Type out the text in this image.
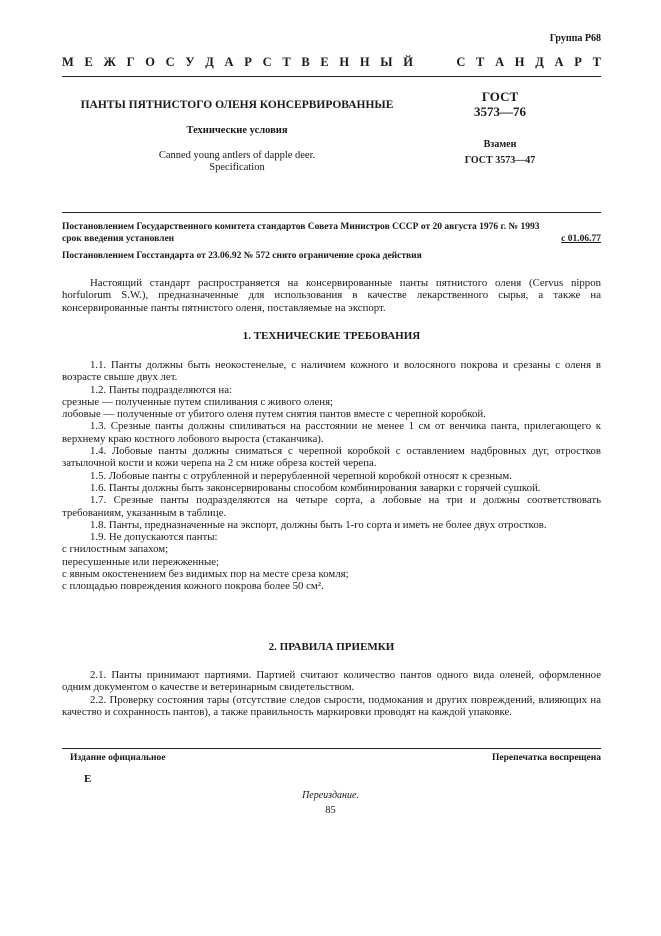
Группа Р68
М Е Ж Г О С У Д А Р С Т В Е Н Н Ы Й	С Т А Н Д А Р Т
ПАНТЫ ПЯТНИСТОГО ОЛЕНЯ КОНСЕРВИРОВАННЫЕ
Технические условия
Canned young antlers of dapple deer.
Specification
ГОСТ
3573—76
Взамен
ГОСТ 3573—47
Постановлением Государственного комитета стандартов Совета Министров СССР от 20 августа 1976 г. № 1993
срок введения установлен	с 01.06.77
Постановлением Госстандарта от 23.06.92 № 572 снято ограничение срока действия

Настоящий стандарт распространяется на консервированные панты пятнистого оленя (Cervus nippon horfulorum S.W.), предназначенные для использования в качестве лекарственного сырья, а также на консервированные панты пятнистого оленя, поставляемые на экспорт.

1. ТЕХНИЧЕСКИЕ ТРЕБОВАНИЯ

1.1. Панты должны быть неокостенелые, с наличием кожного и волосяного покрова и срезаны с оленя в возрасте свыше двух лет.

1.2. Панты подразделяются на:

срезные — полученные путем спиливания с живого оленя;

лобовые — полученные от убитого оленя путем снятия пантов вместе с черепной коробкой.

1.3. Срезные панты должны спиливаться на расстоянии не менее 1 см от венчика панта, прилегающего к верхнему краю костного лобового выроста (стаканчика).

1.4. Лобовые панты должны сниматься с черепной коробкой с оставлением надбровных дуг, отростков затылочной кости и кожи черепа на 2 см ниже обреза костей черепа.

1.5. Лобовые панты с отрубленной и перерубленной черепной коробкой относят к срезным.

1.6. Панты должны быть законсервированы способом комбинирования заварки с горячей сушкой.

1.7. Срезные панты подразделяются на четыре сорта, а лобовые на три и должны соответствовать требованиям, указанным в таблице.

1.8. Панты, предназначенные на экспорт, должны быть 1-го сорта и иметь не более двух отростков.

1.9. Не допускаются панты:

с гнилостным запахом;

пересушенные или пережженные;

с явным окостенением без видимых пор на месте среза комля;

с площадью повреждения кожного покрова более 50 см².

2. ПРАВИЛА ПРИЕМКИ

2.1. Панты принимают партиями. Партией считают количество пантов одного вида оленей, оформленное одним документом о качестве и ветеринарным свидетельством.

2.2. Проверку состояния тары (отсутствие следов сырости, подмокания и других повреждений, влияющих на качество и сохранность пантов), а также правильность маркировки проводят на каждой упаковке.

Издание официальное	Перепечатка воспрещена
Е
Переиздание.
85
